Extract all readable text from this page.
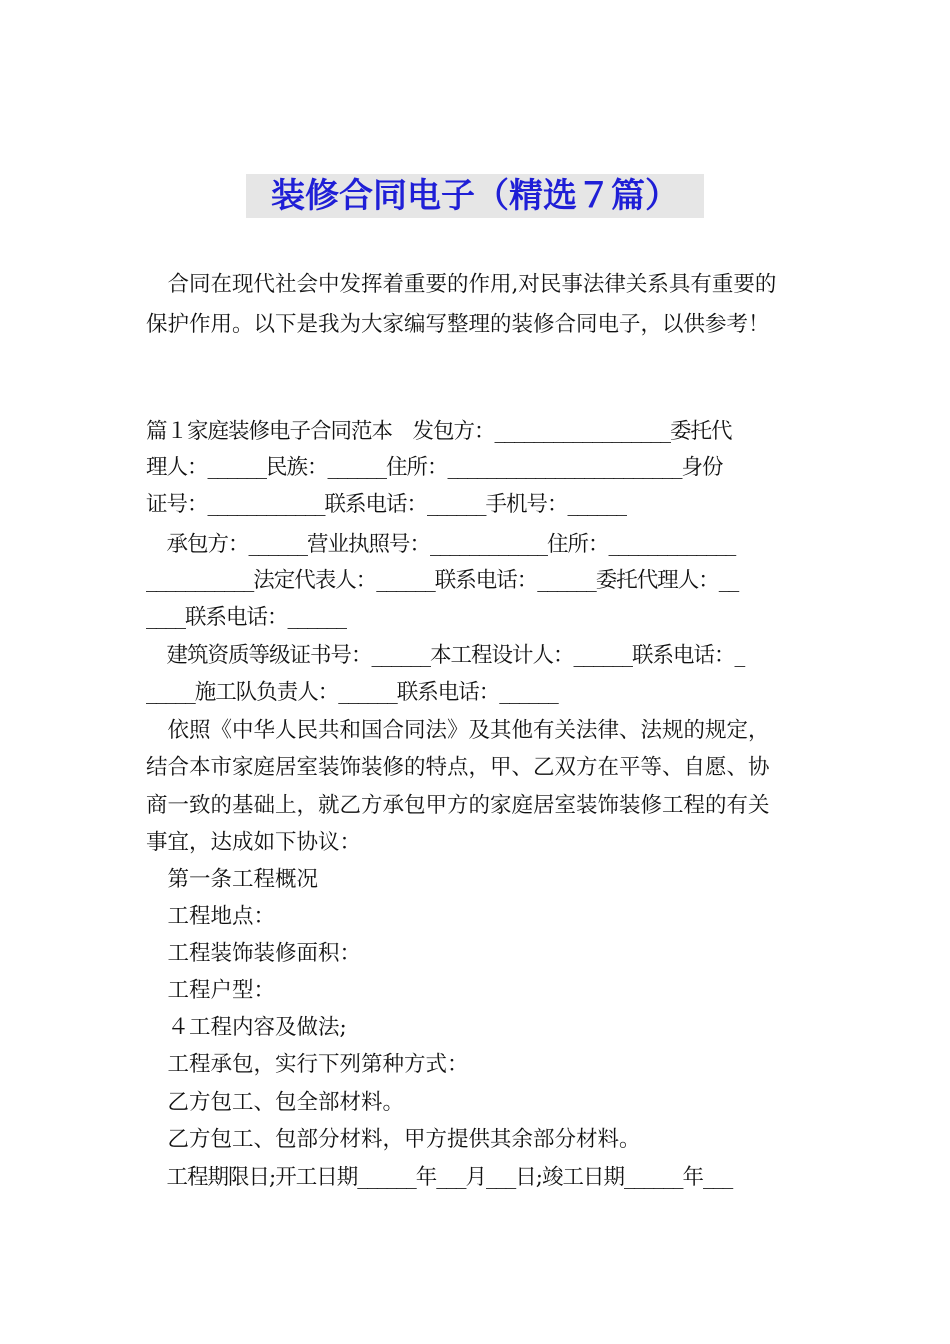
装修合同电子（精选７篇）
　合同在现代社会中发挥着重要的作用,对民事法律关系具有重要的
保护作用。以下是我为大家编写整理的装修合同电子，以供参考！
篇１家庭装修电子合同范本　发包方：__________________委托代
理人：______民族：______住所：________________________身份
证号：____________联系电话：______手机号：______
　承包方：______营业执照号：____________住所：_____________
___________法定代表人：______联系电话：______委托代理人：__
____联系电话：______
　建筑资质等级证书号：______本工程设计人：______联系电话：_
_____施工队负责人：______联系电话：______
　依照《中华人民共和国合同法》及其他有关法律、法规的规定，
结合本市家庭居室装饰装修的特点，甲、乙双方在平等、自愿、协
商一致的基础上，就乙方承包甲方的家庭居室装饰装修工程的有关
事宜，达成如下协议：
　第一条工程概况
　工程地点：
　工程装饰装修面积：
　工程户型：
　４工程内容及做法;
　工程承包，实行下列第种方式：
　乙方包工、包全部材料。
　乙方包工、包部分材料，甲方提供其余部分材料。
　工程期限日;开工日期______年___月___日;竣工日期______年___
